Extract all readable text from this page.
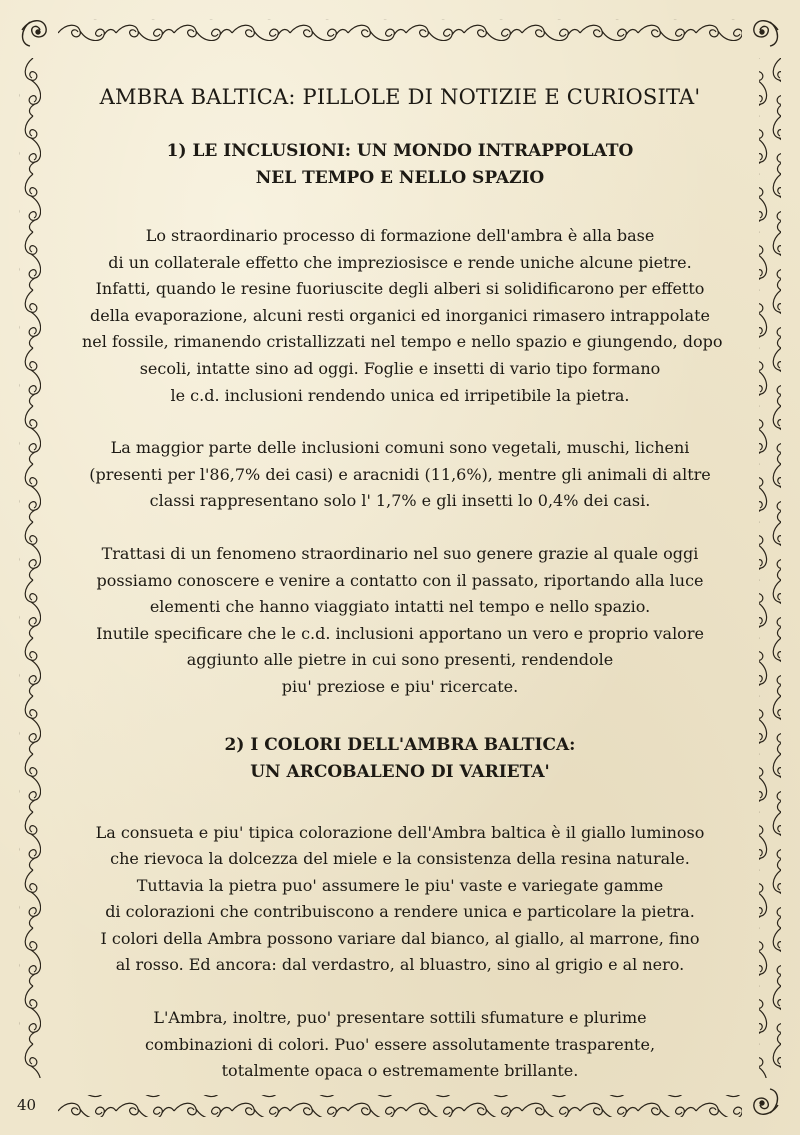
40
AMBRA BALTICA: PILLOLE DI NOTIZIE E CURIOSITA'
1) LE INCLUSIONI: UN MONDO INTRAPPOLATO
NEL TEMPO E NELLO SPAZIO

Lo straordinario processo di formazione dell'ambra è alla base
di un collaterale effetto che impreziosisce e rende uniche alcune pietre.
Infatti, quando le resine fuoriuscite degli alberi si solidificarono per effetto
della evaporazione, alcuni resti organici ed inorganici rimasero intrappolate
nel fossile, rimanendo cristallizzati nel tempo e nello spazio e giungendo, dopo
secoli, intatte sino ad oggi. Foglie e insetti di vario tipo formano
le c.d. inclusioni rendendo unica ed irripetibile la pietra.

La maggior parte delle inclusioni comuni sono vegetali, muschi, licheni
(presenti per l'86,7% dei casi) e aracnidi (11,6%), mentre gli animali di altre
classi rappresentano solo l' 1,7% e gli insetti lo 0,4% dei casi.

Trattasi di un fenomeno straordinario nel suo genere grazie al quale oggi
possiamo conoscere e venire a contatto con il passato, riportando alla luce
elementi che hanno viaggiato intatti nel tempo e nello spazio.
Inutile specificare che le c.d. inclusioni apportano un vero e proprio valore
aggiunto alle pietre in cui sono presenti, rendendole
piu' preziose e piu' ricercate.

2) I COLORI DELL'AMBRA BALTICA:
UN ARCOBALENO DI VARIETA'

La consueta e piu' tipica colorazione dell'Ambra baltica è il giallo luminoso
che rievoca la dolcezza del miele e la consistenza della resina naturale.
Tuttavia la pietra puo' assumere le piu' vaste e variegate gamme
di colorazioni che contribuiscono a rendere unica e particolare la pietra.
I colori della Ambra possono variare dal bianco, al giallo, al marrone, fino
al rosso. Ed ancora: dal verdastro, al bluastro, sino al grigio e al nero.

L'Ambra, inoltre, puo' presentare sottili sfumature e plurime
combinazioni di colori. Puo' essere assolutamente trasparente,
totalmente opaca o estremamente brillante.
